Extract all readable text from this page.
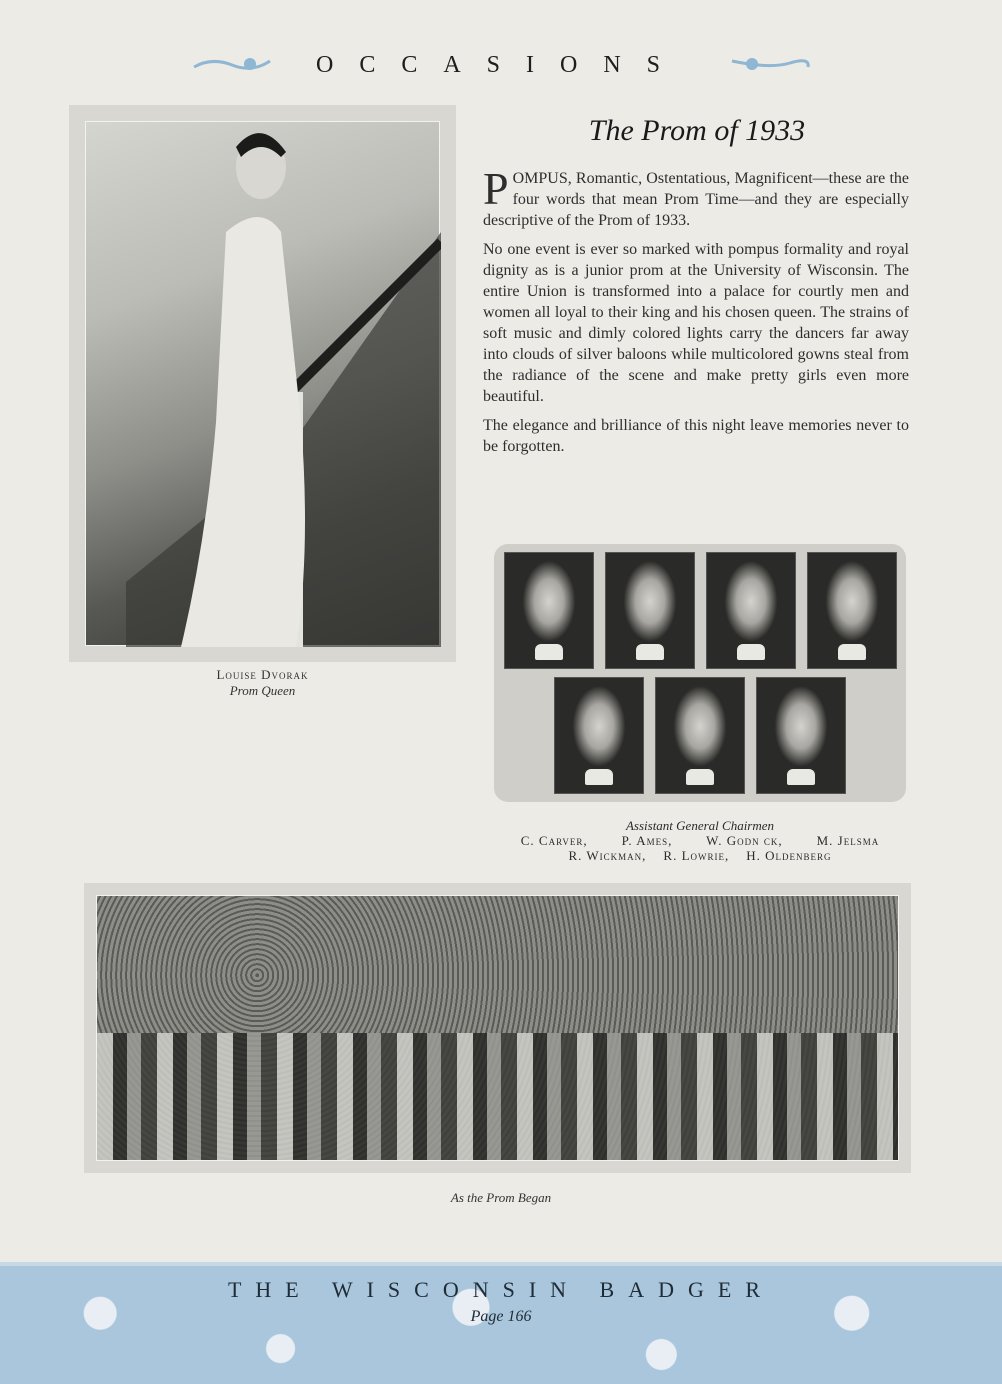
OCCASIONS
Louise Dvorak
Prom Queen
The Prom of 1933

POMPUS, Romantic, Ostentatious, Magnificent—these are the four words that mean Prom Time—and they are especially descriptive of the Prom of 1933.

No one event is ever so marked with pompus formality and royal dignity as is a junior prom at the University of Wisconsin. The entire Union is transformed into a palace for courtly men and women all loyal to their king and his chosen queen. The strains of soft music and dimly colored lights carry the dancers far away into clouds of silver baloons while multicolored gowns steal from the radiance of the scene and make pretty girls even more beautiful.

The elegance and brilliance of this night leave memories never to be forgotten.

Assistant General Chairmen
C. Carver,        P. Ames,        W. Godn ck,        M. Jelsma
R. Wickman,    R. Lowrie,    H. Oldenberg
As the Prom Began
THE WISCONSIN BADGER
Page 166
